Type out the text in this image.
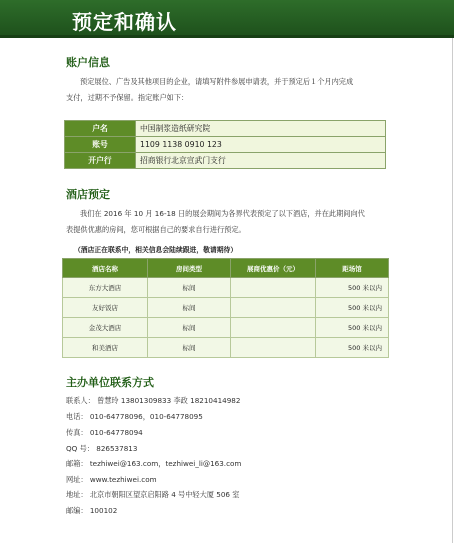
预定和确认
账户信息
预定展位、广告及其他项目的企业，请填写附件参展申请表，并于预定后１个月内完成
支付，过期不予保留。指定账户如下：
户名	中国制浆造纸研究院
账号	1109 1138 0910 123
开户行	招商银行北京宣武门支行
酒店预定
我们在 2016 年 10 月 16-18 日的展会期间为各界代表预定了以下酒店，并在此期间向代
表提供优惠的房间，您可根据自己的要求自行进行预定。
（酒店正在联系中，相关信息会陆续跟进，敬请期待）
酒店名称	房间类型	展商优惠价（元）	距场馆
东方大酒店	标间		500 米以内
友好饭店	标间		500 米以内
金茂大酒店	标间		500 米以内
和美酒店	标间		500 米以内
主办单位联系方式
联系人： 曾慧玲 13801309833 李政 18210414982
电话： 010-64778096，010-64778095
传真： 010-64778094
QQ 号： 826537813
邮箱： tezhiwei@163.com，tezhiwei_li@163.com
网址： www.tezhiwei.com
地址： 北京市朝阳区望京启阳路 4 号中轻大厦 506 室
邮编： 100102
